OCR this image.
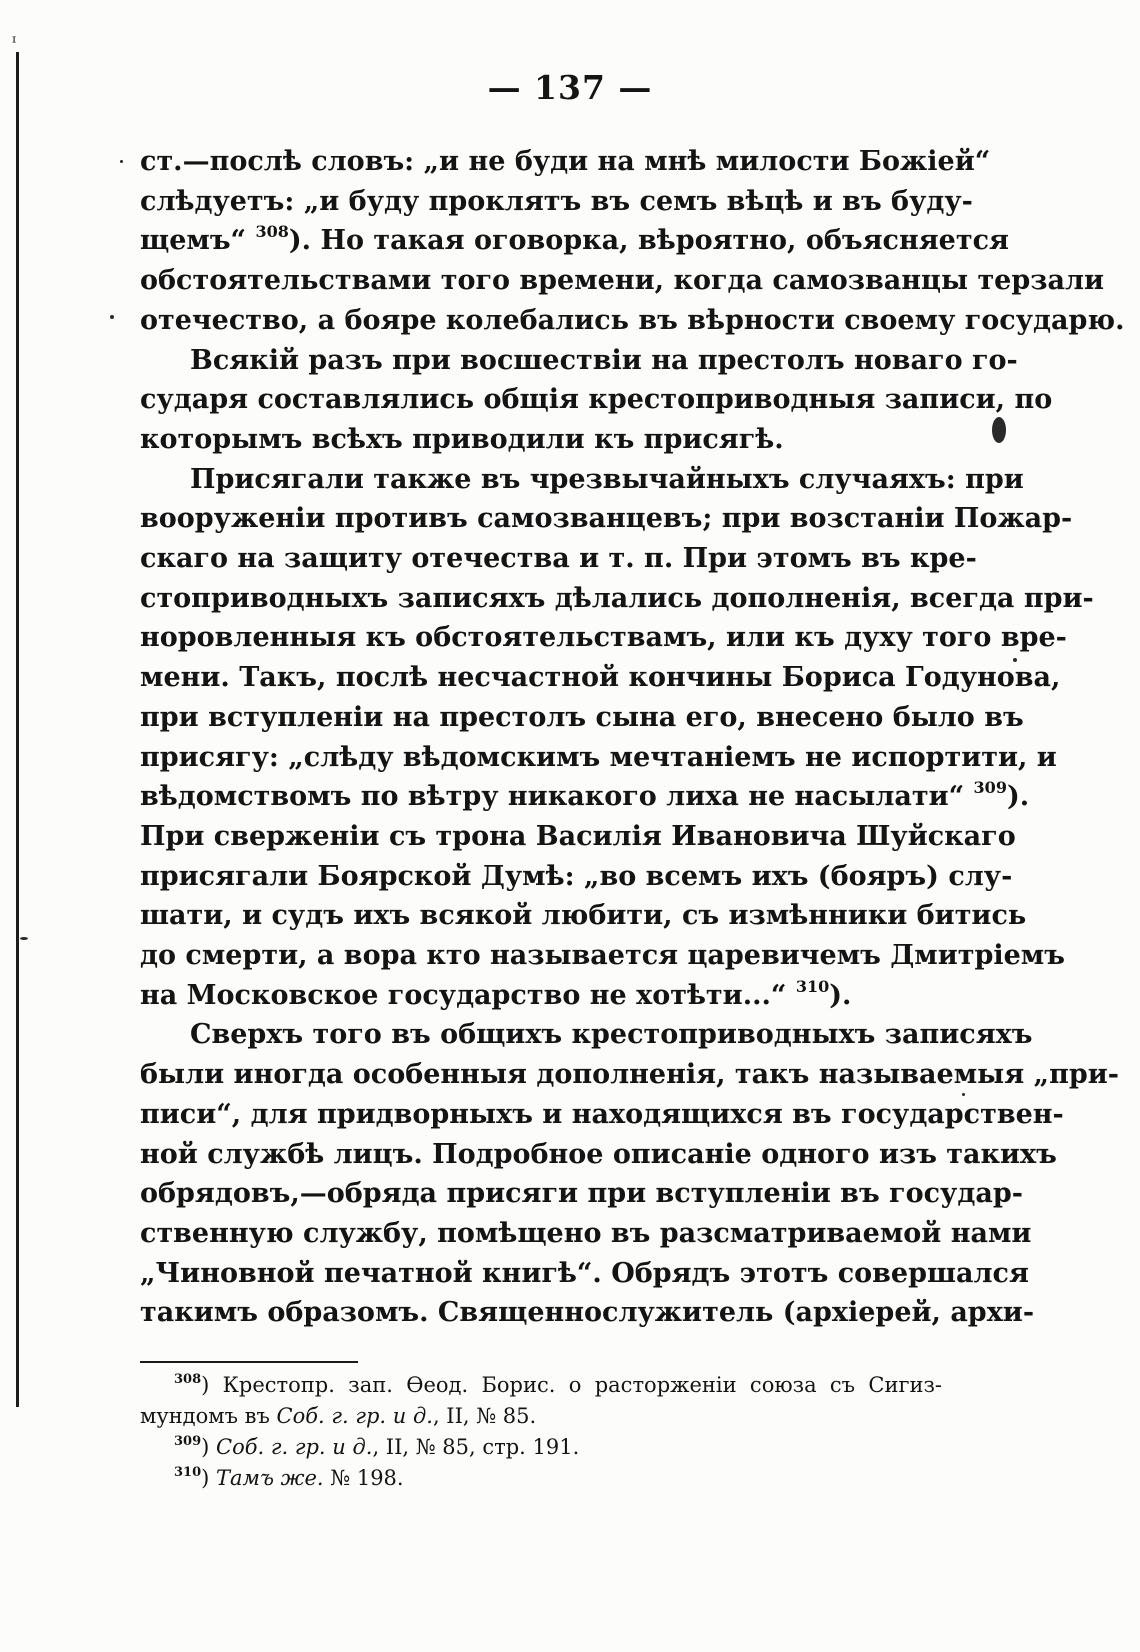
ᶦ
— 137 —
ст.—послѣ словъ: „и не буди на мнѣ милости Божіей“
слѣдуетъ: „и буду проклятъ въ семъ вѣцѣ и въ буду-
щемъ“ $^{308}$). Но такая оговорка, вѣроятно, объясняется
обстоятельствами того времени, когда самозванцы терзали
отечество, а бояре колебались въ вѣрности своему государю.
Всякій разъ при восшествіи на престолъ новаго го-
сударя составлялись общія крестоприводныя записи, по
которымъ всѣхъ приводили къ присягѣ.
Присягали также въ чрезвычайныхъ случаяхъ: при
вооруженіи противъ самозванцевъ; при возстаніи Пожар-
скаго на защиту отечества и т. п. При этомъ въ кре-
стоприводныхъ записяхъ дѣлались дополненія, всегда при-
норовленныя къ обстоятельствамъ, или къ духу того вре-
мени. Такъ, послѣ несчастной кончины Бориса Годунова,
при вступленіи на престолъ сына его, внесено было въ
присягу: „слѣду вѣдомскимъ мечтаніемъ не испортити, и
вѣдомствомъ по вѣтру никакого лиха не насылати“ $^{309}$).
При сверженіи съ трона Василія Ивановича Шуйскаго
присягали Боярской Думѣ: „во всемъ ихъ (бояръ) слу-
шати, и судъ ихъ всякой любити, съ измѣнники битись
до смерти, а вора кто называется царевичемъ Дмитріемъ
на Московское государство не хотѣти...“ $^{310}$).
Сверхъ того въ общихъ крестоприводныхъ записяхъ
были иногда особенныя дополненія, такъ называемыя „при-
писи“, для придворныхъ и находящихся въ государствен-
ной службѣ лицъ. Подробное описаніе одного изъ такихъ
обрядовъ,—обряда присяги при вступленіи въ государ-
ственную службу, помѣщено въ разсматриваемой нами
„Чиновной печатной книгѣ“. Обрядъ этотъ совершался
такимъ образомъ. Священнослужитель (архіерей, архи-
$^{308}$) Крестопр. зап. Ѳеод. Борис. о расторженіи союза съ Сигиз-
мундомъ въ Соб. г. гр. и д., II, № 85.
$^{309}$) Соб. г. гр. и д., II, № 85, стр. 191.
$^{310}$) Тамъ же. № 198.
